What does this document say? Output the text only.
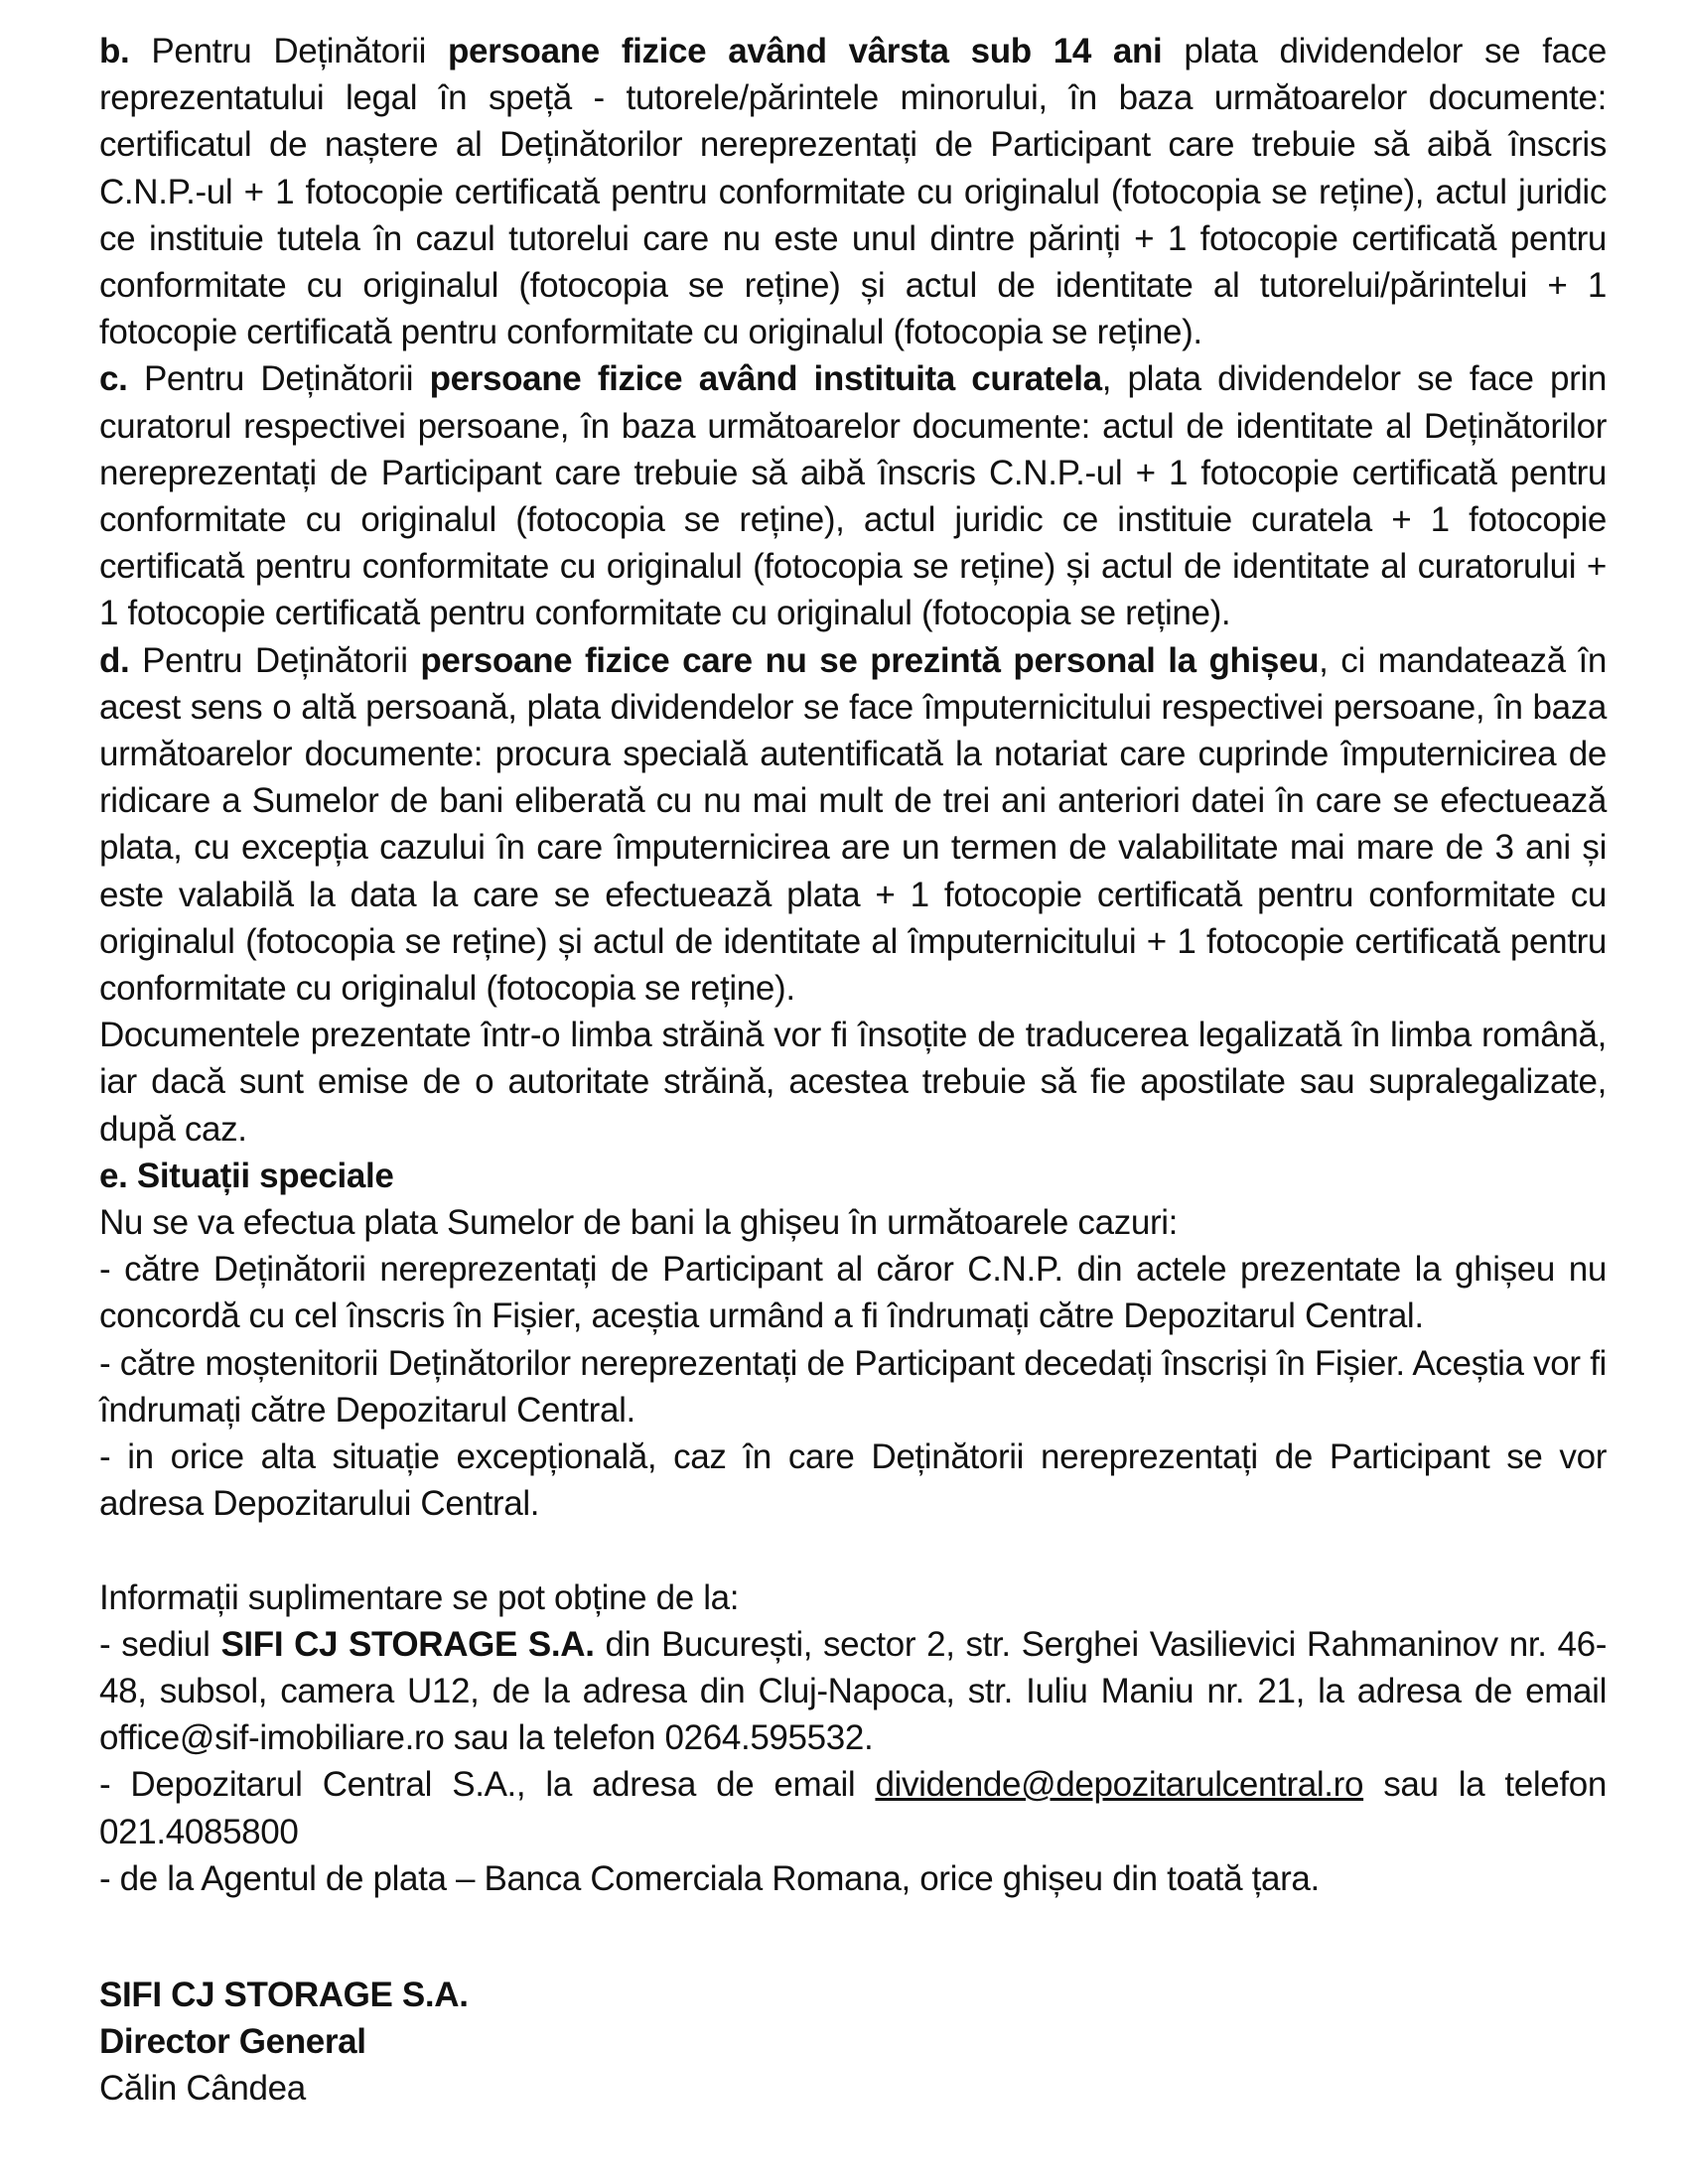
b. Pentru Deținătorii persoane fizice având vârsta sub 14 ani plata dividendelor se face reprezentatului legal în speță - tutorele/părintele minorului, în baza următoarelor documente: certificatul de naștere al Deținătorilor nereprezentați de Participant care trebuie să aibă înscris C.N.P.-ul + 1 fotocopie certificată pentru conformitate cu originalul (fotocopia se reține), actul juridic ce instituie tutela în cazul tutorelui care nu este unul dintre părinți + 1 fotocopie certificată pentru conformitate cu originalul (fotocopia se reține) și actul de identitate al tutorelui/părintelui + 1 fotocopie certificată pentru conformitate cu originalul (fotocopia se reține).

c. Pentru Deținătorii persoane fizice având instituita curatela, plata dividendelor se face prin curatorul respectivei persoane, în baza următoarelor documente: actul de identitate al Deținătorilor nereprezentați de Participant care trebuie să aibă înscris C.N.P.-ul + 1 fotocopie certificată pentru conformitate cu originalul (fotocopia se reține), actul juridic ce instituie curatela + 1 fotocopie certificată pentru conformitate cu originalul (fotocopia se reține) și actul de identitate al curatorului + 1 fotocopie certificată pentru conformitate cu originalul (fotocopia se reține).

d. Pentru Deținătorii persoane fizice care nu se prezintă personal la ghișeu, ci mandatează în acest sens o altă persoană, plata dividendelor se face împuternicitului respectivei persoane, în baza următoarelor documente: procura specială autentificată la notariat care cuprinde împuternicirea de ridicare a Sumelor de bani eliberată cu nu mai mult de trei ani anteriori datei în care se efectuează plata, cu excepția cazului în care împuternicirea are un termen de valabilitate mai mare de 3 ani și este valabilă la data la care se efectuează plata + 1 fotocopie certificată pentru conformitate cu originalul (fotocopia se reține) și actul de identitate al împuternicitului + 1 fotocopie certificată pentru conformitate cu originalul (fotocopia se reține).

Documentele prezentate într-o limba străină vor fi însoțite de traducerea legalizată în limba română, iar dacă sunt emise de o autoritate străină, acestea trebuie să fie apostilate sau supralegalizate, după caz.

e. Situații speciale

Nu se va efectua plata Sumelor de bani la ghișeu în următoarele cazuri:

- către Deținătorii nereprezentați de Participant al căror C.N.P. din actele prezentate la ghișeu nu concordă cu cel înscris în Fișier, aceștia urmând a fi îndrumați către Depozitarul Central.

- către moștenitorii Deținătorilor nereprezentați de Participant decedați înscriși în Fișier. Aceștia vor fi îndrumați către Depozitarul Central.

- in orice alta situație excepțională, caz în care Deținătorii nereprezentați de Participant se vor adresa Depozitarului Central.

Informații suplimentare se pot obține de la:

- sediul SIFI CJ STORAGE S.A. din București, sector 2, str. Serghei Vasilievici Rahmaninov nr. 46-48, subsol, camera U12, de la adresa din Cluj-Napoca, str. Iuliu Maniu nr. 21, la adresa de email office@sif-imobiliare.ro sau la telefon 0264.595532.

- Depozitarul Central S.A., la adresa de email dividende@depozitarulcentral.ro sau la telefon 021.4085800

- de la Agentul de plata – Banca Comerciala Romana, orice ghișeu din toată țara.

SIFI CJ STORAGE S.A.

Director General

Călin Cândea
